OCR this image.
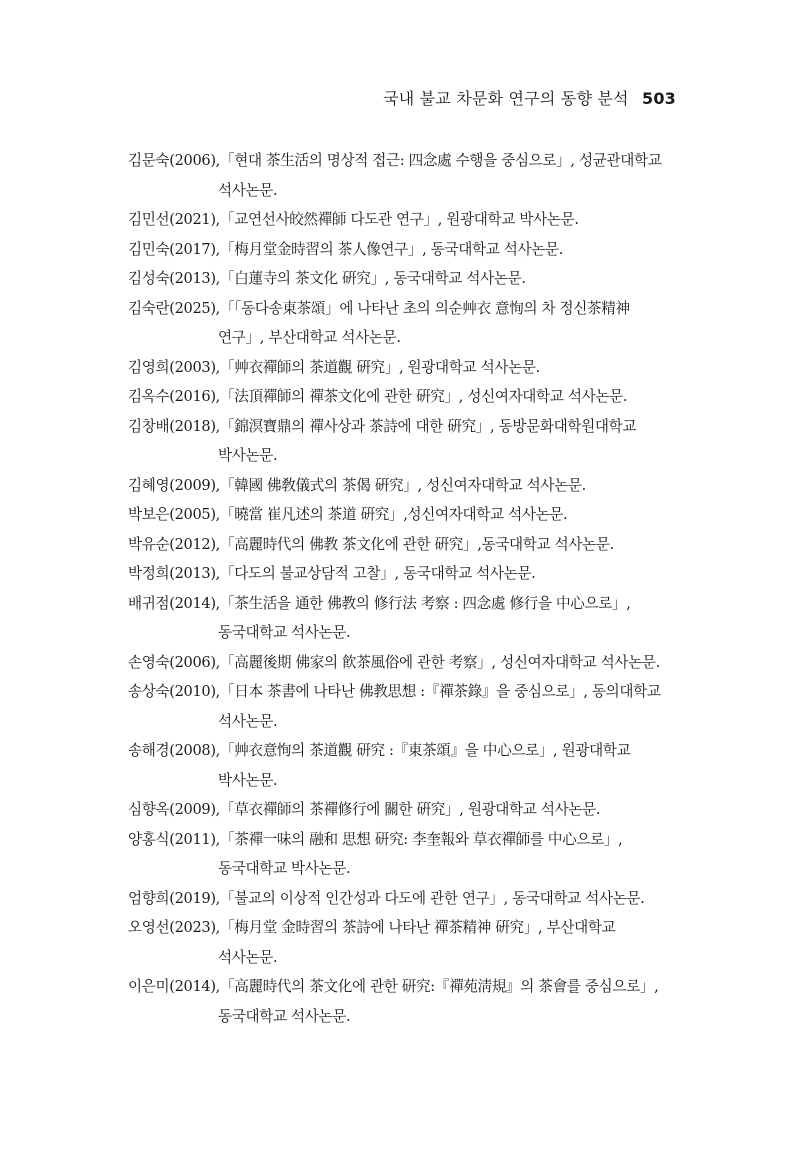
국내 불교 차문화 연구의 동향 분석 503
김문숙(2006),「현대 茶生活의 명상적 접근: 四念處 수행을 중심으로」, 성균관대학교 석사논문.
김민선(2021),「교연선사皎然禪師 다도관 연구」, 원광대학교 박사논문.
김민숙(2017),「梅月堂金時習의 茶人像연구」, 동국대학교 석사논문.
김성숙(2013),「白蓮寺의 茶文化 硏究」, 동국대학교 석사논문.
김숙란(2025),「「동다송東茶頌」에 나타난 초의 의순艸衣 意恂의 차 정신茶精神 연구」, 부산대학교 석사논문.
김영희(2003),「艸衣禪師의 茶道觀 硏究」, 원광대학교 석사논문.
김옥수(2016),「法頂禪師의 禪茶文化에 관한 硏究」, 성신여자대학교 석사논문.
김창배(2018),「錦溟寶鼎의 禪사상과 茶詩에 대한 硏究」, 동방문화대학원대학교 박사논문.
김혜영(2009),「韓國 佛敎儀式의 茶偈 硏究」, 성신여자대학교 석사논문.
박보은(2005),「曉當 崔凡述의 茶道 硏究」,성신여자대학교 석사논문.
박유순(2012),「高麗時代의 佛教 茶文化에 관한 硏究」,동국대학교 석사논문.
박정희(2013),「다도의 불교상담적 고찰」, 동국대학교 석사논문.
배귀점(2014),「茶生活을 通한 佛教의 修行法 考察 : 四念處 修行을 中心으로」, 동국대학교 석사논문.
손영숙(2006),「高麗後期 佛家의 飮茶風俗에 관한 考察」, 성신여자대학교 석사논문.
송상숙(2010),「日本 茶書에 나타난 佛教思想 :『禪茶錄』을 중심으로」, 동의대학교 석사논문.
송해경(2008),「艸衣意恂의 茶道觀 研究 :『東茶頌』을 中心으로」, 원광대학교 박사논문.
심향옥(2009),「草衣禪師의 茶禪修行에 關한 硏究」, 원광대학교 석사논문.
양홍식(2011),「茶禪一味의 融和 思想 研究: 李奎報와 草衣禪師를 中心으로」, 동국대학교 박사논문.
엄향희(2019),「불교의 이상적 인간성과 다도에 관한 연구」, 동국대학교 석사논문.
오영선(2023),「梅月堂 金時習의 茶詩에 나타난 禪茶精神 硏究」, 부산대학교 석사논문.
이은미(2014),「高麗時代의 茶文化에 관한 研究:『禪苑淸規』의 茶會를 중심으로」, 동국대학교 석사논문.
